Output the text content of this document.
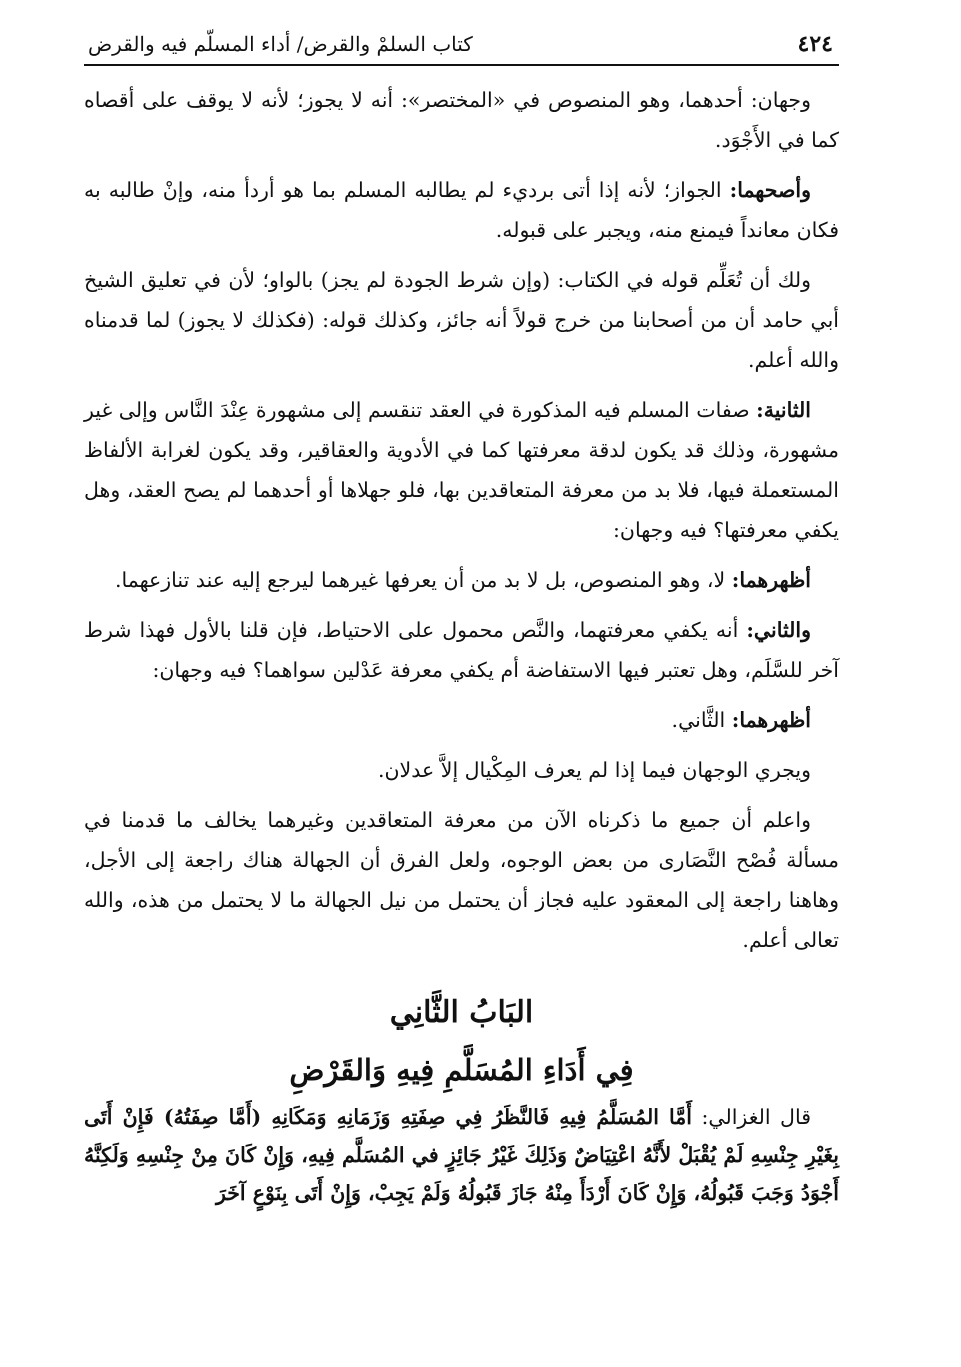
٤٢٤
كتاب السلمْ والقرض/ أداء المسلّم فيه والقرض

وجهان: أحدهما، وهو المنصوص في «المختصر»: أنه لا يجوز؛ لأنه لا يوقف على أقصاه كما في الأَجْوَد.

وأصحهما: الجواز؛ لأنه إذا أتى برديء لم يطالبه المسلم بما هو أردأ منه، وإنْ طالبه به فكان معانداً فيمنع منه، ويجبر على قبوله.

ولك أن تُعَلِّم قوله في الكتاب: (وإن شرط الجودة لم يجز) بالواو؛ لأن في تعليق الشيخ أبي حامد أن من أصحابنا من خرج قولاً أنه جائز، وكذلك قوله: (فكذلك لا يجوز) لما قدمناه والله أعلم.

الثانية: صفات المسلم فيه المذكورة في العقد تنقسم إلى مشهورة عِنْدَ النَّاس وإلى غير مشهورة، وذلك قد يكون لدقة معرفتها كما في الأدوية والعقاقير، وقد يكون لغرابة الألفاظ المستعملة فيها، فلا بد من معرفة المتعاقدين بها، فلو جهلاها أو أحدهما لم يصح العقد، وهل يكفي معرفتها؟ فيه وجهان:

أظهرهما: لا، وهو المنصوص، بل لا بد من أن يعرفها غيرهما ليرجع إليه عند تنازعهما.

والثاني: أنه يكفي معرفتهما، والنَّص محمول على الاحتياط، فإن قلنا بالأول فهذا شرط آخر للسَّلَم، وهل تعتبر فيها الاستفاضة أم يكفي معرفة عَدْلين سواهما؟ فيه وجهان:

أظهرهما: الثَّاني.

ويجري الوجهان فيما إذا لم يعرف المِكْيال إلاَّ عدلان.

واعلم أن جميع ما ذكرناه الآن من معرفة المتعاقدين وغيرهما يخالف ما قدمنا في مسألة فُصْح النَّصَارى من بعض الوجوه، ولعل الفرق أن الجهالة هناك راجعة إلى الأجل، وهاهنا راجعة إلى المعقود عليه فجاز أن يحتمل من نيل الجهالة ما لا يحتمل من هذه، والله تعالى أعلم.

البَابُ الثَّانِي
فِي أَدَاءِ المُسَلَّمِ فِيهِ وَالقَرْضِ

قال الغزالي: أَمَّا المُسَلَّمُ فِيهِ فَالنَّظَرُ فِي صِفَتِهِ وَزَمَانِهِ وَمَكَانِهِ (أَمَّا صِفَتُهُ) فَإِنْ أَتَى بِغَيْرِ جِنْسِهِ لَمْ يُقْبَلْ لأَنَّهُ اعْتِيَاضٌ وَذَلِكَ غَيْرُ جَائِزٍ في المُسَلَّم فِيهِ، وَإِنْ كَانَ مِنْ جِنْسِهِ وَلَكِنَّهُ أَجْوَدُ وَجَبَ قَبُولُهُ، وَإِنْ كَانَ أَرْدَأَ مِنْهُ جَازَ قَبُولُهُ وَلَمْ يَجِبْ، وَإِنْ أَتَى بِنَوْعٍ آخَرَ
